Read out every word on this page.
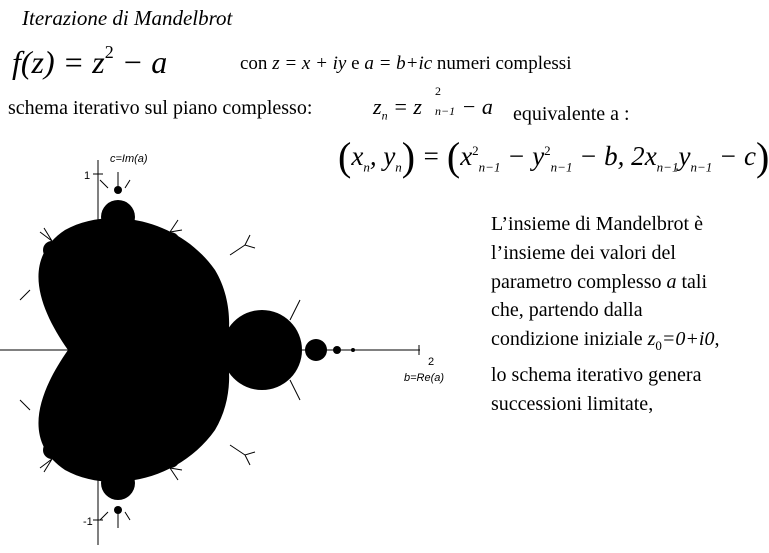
Iterazione di Mandelbrot
$f(z) = z^2 - a$	con z = x + iy e a = b+ic numeri complessi
schema iterativo sul piano complesso:	$z_n = z$
2
n−1 − a equivalente a :
($x_n$, $y_n) = (x^2_{n-1} - y^2_{n-1} - b$, $2x_{n-1}y_{n-1} - c$)
c=Im(a)
b=Re(a)
1
-1
2
L’insieme di Mandelbrot è l’insieme dei valori del parametro complesso a tali che, partendo dalla condizione iniziale $z_0=0+i0$, lo schema iterativo genera successioni limitate,
